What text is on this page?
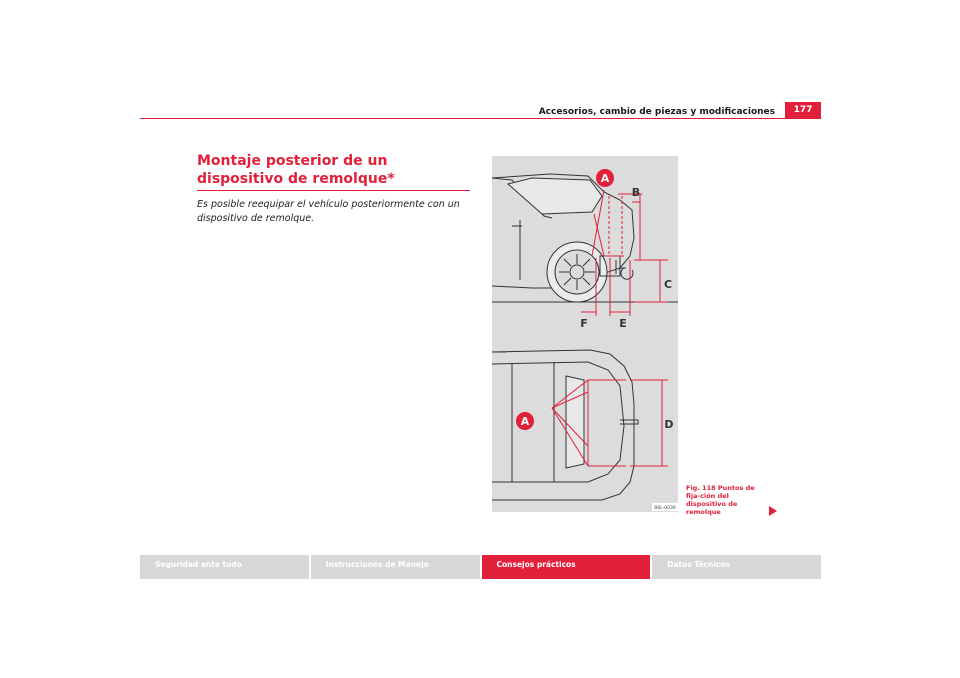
Accesorios, cambio de piezas y modificaciones	177
Montaje posterior de un dispositivo de remolque*

Es posible reequipar el vehículo posteriormente con un dispositivo de remolque.

A
B
C
F	E
D
A
B6L-0039

Fig. 118 Puntos de fija-ción del dispositivo de remolque

Seguridad ante todo	Instrucciones de Manejo	Consejos prácticos	Datos Técnicos
